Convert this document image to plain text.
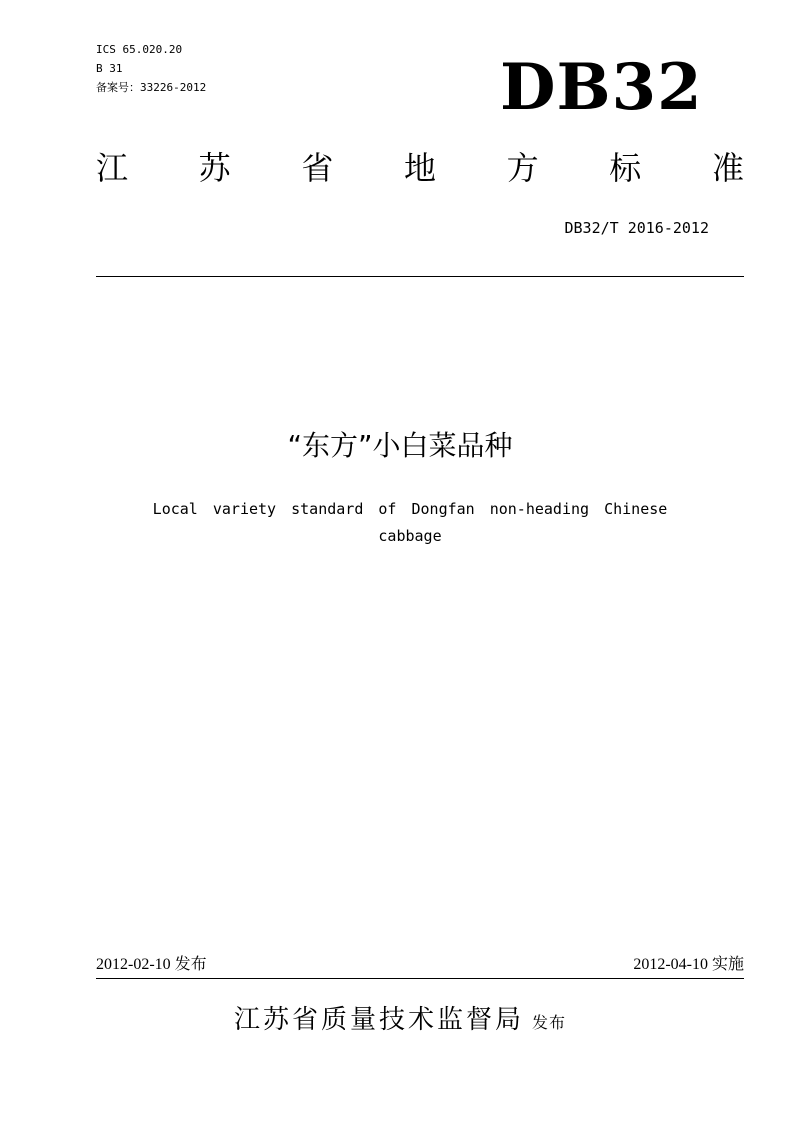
ICS 65.020.20
B 31
备案号：33226-2012	DB32
江 苏 省 地 方 标 准
DB32/T 2016-2012
“东方”小白菜品种
Local variety standard of Dongfan non-heading Chinese cabbage
2012-02-10 发布	2012-04-10 实施
江苏省质量技术监督局 发布
